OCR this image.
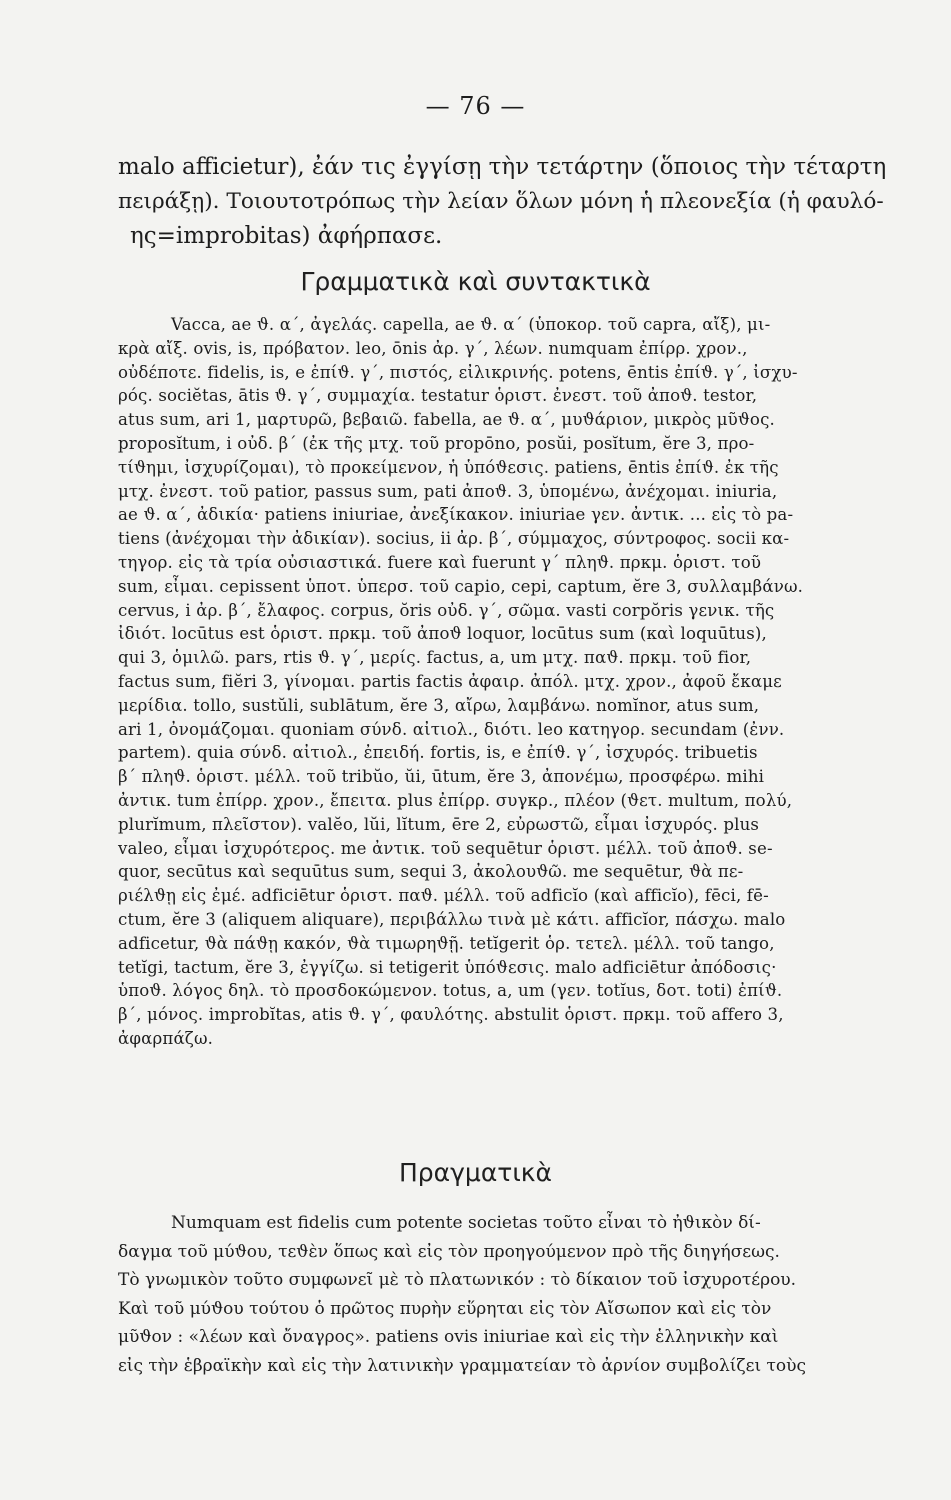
— 76 —
malo afficietur), ἐάν τις ἐγγίσῃ τὴν τετάρτην (ὅποιος τὴν τέταρτη
πειράξῃ). Τοιουτοτρόπως τὴν λείαν ὅλων μόνη ἡ πλεονεξία (ἡ φαυλό-
ης=improbitas) ἀφήρπασε.
Γραμματικὰ καὶ συντακτικὰ
Vacca, ae ϑ. α΄, ἀγελάς. capella, ae ϑ. α΄ (ὑποκορ. τοῦ capra, αἴξ), μι-
κρὰ αἴξ. ovis, is, πρόβατον. leo, ōnis ἀρ. γ΄, λέων. numquam ἐπίρρ. χρον.,
οὐδέποτε. fidelis, is, e ἐπίϑ. γ΄, πιστός, εἰλικρινής. potens, ēntis ἐπίϑ. γ΄, ἰσχυ-
ρός. sociĕtas, ātis ϑ. γ΄, συμμαχία. testatur ὁριστ. ἐνεστ. τοῦ ἀποϑ. testor,
atus sum, ari 1, μαρτυρῶ, βεβαιῶ. fabella, ae ϑ. α΄, μυϑάριον, μικρὸς μῦϑος.
proposĭtum, i οὐδ. β΄ (ἐκ τῆς μτχ. τοῦ propōno, posŭi, posĭtum, ĕre 3, προ-
τίϑημι, ἰσχυρίζομαι), τὸ προκείμενον, ἡ ὑπόϑεσις. patiens, ēntis ἐπίϑ. ἐκ τῆς
μτχ. ἐνεστ. τοῦ patior, passus sum, pati ἀποϑ. 3, ὑπομένω, ἀνέχομαι. iniuria,
ae ϑ. α΄, ἀδικία· patiens iniuriae, ἀνεξίκακον. iniuriae γεν. ἀντικ. ... εἰς τὸ pa-
tiens (ἀνέχομαι τὴν ἀδικίαν). socius, ii ἀρ. β΄, σύμμαχος, σύντροφος. socii κα-
τηγορ. εἰς τὰ τρία οὐσιαστικά. fuere καὶ fuerunt γ΄ πληϑ. πρκμ. ὁριστ. τοῦ
sum, εἶμαι. cepissent ὑποτ. ὑπερσ. τοῦ capio, cepi, captum, ĕre 3, συλλαμβάνω.
cervus, i ἀρ. β΄, ἔλαφος. corpus, ŏris οὐδ. γ΄, σῶμα. vasti corpŏris γενικ. τῆς
ἰδιότ. locūtus est ὁριστ. πρκμ. τοῦ ἀποϑ loquor, locūtus sum (καὶ loquūtus),
qui 3, ὁμιλῶ. pars, rtis ϑ. γ΄, μερίς. factus, a, um μτχ. παϑ. πρκμ. τοῦ fior,
factus sum, fiĕri 3, γίνομαι. partis factis ἀφαιρ. ἀπόλ. μτχ. χρον., ἀφοῦ ἔκαμε
μερίδια. tollo, sustŭli, sublātum, ĕre 3, αἴρω, λαμβάνω. nomĭnor, atus sum,
ari 1, ὀνομάζομαι. quoniam σύνδ. αἰτιολ., διότι. leo κατηγορ. secundam (ἐνν.
partem). quia σύνδ. αἰτιολ., ἐπειδή. fortis, is, e ἐπίϑ. γ΄, ἰσχυρός. tribuetis
β΄ πληϑ. ὁριστ. μέλλ. τοῦ tribŭo, ŭi, ūtum, ĕre 3, ἀπονέμω, προσφέρω. mihi
ἀντικ. tum ἐπίρρ. χρον., ἔπειτα. plus ἐπίρρ. συγκρ., πλέον (ϑετ. multum, πολύ,
plurĭmum, πλεῖστον). valĕo, lŭi, lĭtum, ēre 2, εὐρωστῶ, εἶμαι ἰσχυρός. plus
valeo, εἶμαι ἰσχυρότερος. me ἀντικ. τοῦ sequētur ὁριστ. μέλλ. τοῦ ἀποϑ. se-
quor, secūtus καὶ sequūtus sum, sequi 3, ἀκολουϑῶ. me sequētur, ϑὰ πε-
ριέλϑῃ εἰς ἐμέ. adficiētur ὁριστ. παϑ. μέλλ. τοῦ adficĭo (καὶ afficĭo), fēci, fē-
ctum, ĕre 3 (aliquem aliquare), περιβάλλω τινὰ μὲ κάτι. afficĭor, πάσχω. malo
adficetur, ϑὰ πάϑῃ κακόν, ϑὰ τιμωρηϑῇ. tetĭgerit ὁρ. τετελ. μέλλ. τοῦ tango,
tetĭgi, tactum, ĕre 3, ἐγγίζω. si tetigerit ὑπόϑεσις. malo adficiētur ἀπόδοσις·
ὑποϑ. λόγος δηλ. τὸ προσδοκώμενον. totus, a, um (γεν. totĭus, δοτ. toti) ἐπίϑ.
β΄, μόνος. improbĭtas, atis ϑ. γ΄, φαυλότης. abstulit ὁριστ. πρκμ. τοῦ affero 3,
ἀφαρπάζω.
Πραγματικὰ
Numquam est fidelis cum potente societas τοῦτο εἶναι τὸ ἠϑικὸν δί-
δαγμα τοῦ μύϑου, τεϑὲν ὅπως καὶ εἰς τὸν προηγούμενον πρὸ τῆς διηγήσεως.
Τὸ γνωμικὸν τοῦτο συμφωνεῖ μὲ τὸ πλατωνικόν : τὸ δίκαιον τοῦ ἰσχυροτέρου.
Καὶ τοῦ μύϑου τούτου ὁ πρῶτος πυρὴν εὕρηται εἰς τὸν Αἴσωπον καὶ εἰς τὸν
μῦϑον : «λέων καὶ ὄναγρος». patiens ovis iniuriae καὶ εἰς τὴν ἑλληνικὴν καὶ
εἰς τὴν ἑβραϊκὴν καὶ εἰς τὴν λατινικὴν γραμματείαν τὸ ἀρνίον συμβολίζει τοὺς
